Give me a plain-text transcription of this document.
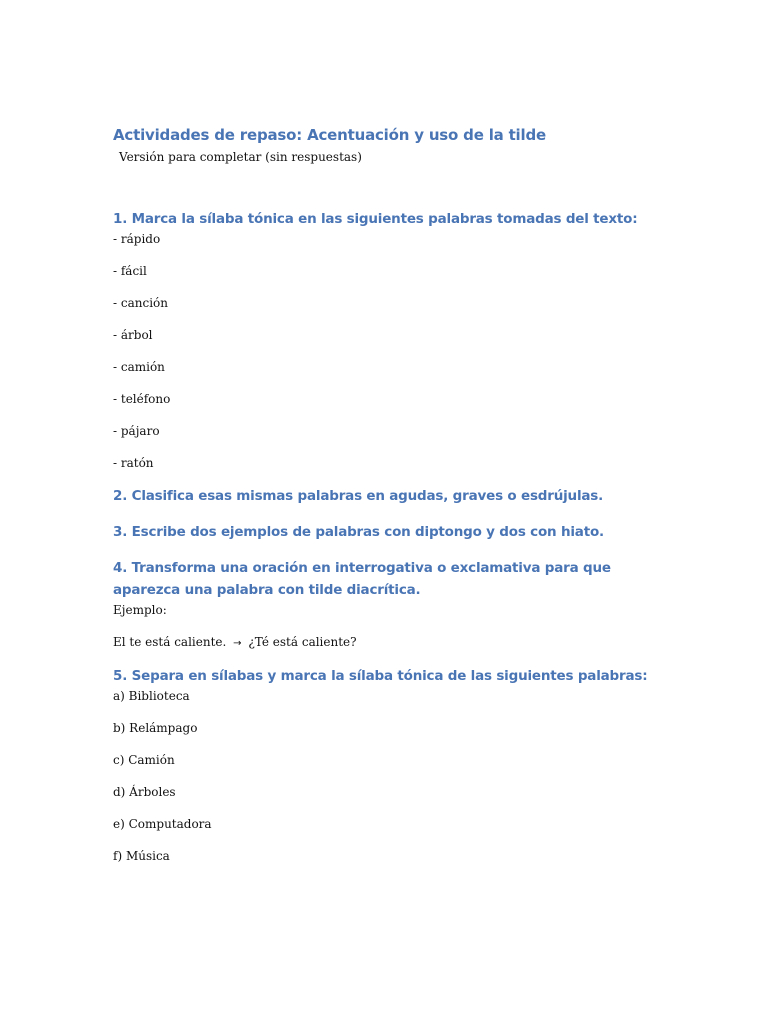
Actividades de repaso: Acentuación y uso de la tilde

Versión para completar (sin respuestas)

1. Marca la sílaba tónica en las siguientes palabras tomadas del texto:

- rápido

- fácil

- canción

- árbol

- camión

- teléfono

- pájaro

- ratón

2. Clasifica esas mismas palabras en agudas, graves o esdrújulas.
3. Escribe dos ejemplos de palabras con diptongo y dos con hiato.
4. Transforma una oración en interrogativa o exclamativa para que aparezca una palabra con tilde diacrítica.

Ejemplo:

El te está caliente. → ¿Té está caliente?

5. Separa en sílabas y marca la sílaba tónica de las siguientes palabras:

a) Biblioteca

b) Relámpago

c) Camión

d) Árboles

e) Computadora

f) Música
